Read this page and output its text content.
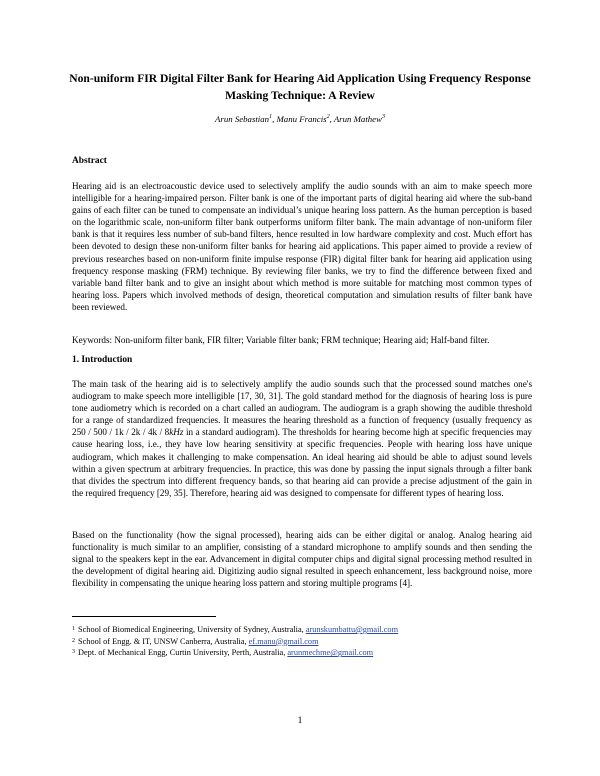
Non-uniform FIR Digital Filter Bank for Hearing Aid Application Using Frequency Response Masking Technique: A Review
Arun Sebastian$^1$, Manu Francis$^2$, Arun Mathew$^3$
Abstract

Hearing aid is an electroacoustic device used to selectively amplify the audio sounds with an aim to make speech more intelligible for a hearing-impaired person. Filter bank is one of the important parts of digital hearing aid where the sub-band gains of each filter can be tuned to compensate an individual’s unique hearing loss pattern. As the human perception is based on the logarithmic scale, non-uniform filter bank outperforms uniform filter bank. The main advantage of non-uniform filer bank is that it requires less number of sub-band filters, hence resulted in low hardware complexity and cost. Much effort has been devoted to design these non-uniform filter banks for hearing aid applications. This paper aimed to provide a review of previous researches based on non-uniform finite impulse response (FIR) digital filter bank for hearing aid application using frequency response masking (FRM) technique. By reviewing filer banks, we try to find the difference between fixed and variable band filter bank and to give an insight about which method is more suitable for matching most common types of hearing loss. Papers which involved methods of design, theoretical computation and simulation results of filter bank have been reviewed.

Keywords: Non-uniform filter bank, FIR filter; Variable filter bank; FRM technique; Hearing aid; Half-band filter.

1. Introduction

The main task of the hearing aid is to selectively amplify the audio sounds such that the processed sound matches one's audiogram to make speech more intelligible [17, 30, 31]. The gold standard method for the diagnosis of hearing loss is pure tone audiometry which is recorded on a chart called an audiogram. The audiogram is a graph showing the audible threshold for a range of standardized frequencies. It measures the hearing threshold as a function of frequency (usually frequency as 250 / 500 / 1k / 2k / 4k / 8kHz in a standard audiogram). The thresholds for hearing become high at specific frequencies may cause hearing loss, i.e., they have low hearing sensitivity at specific frequencies. People with hearing loss have unique audiogram, which makes it challenging to make compensation. An ideal hearing aid should be able to adjust sound levels within a given spectrum at arbitrary frequencies. In practice, this was done by passing the input signals through a filter bank that divides the spectrum into different frequency bands, so that hearing aid can provide a precise adjustment of the gain in the required frequency [29, 35]. Therefore, hearing aid was designed to compensate for different types of hearing loss.

Based on the functionality (how the signal processed), hearing aids can be either digital or analog. Analog hearing aid functionality is much similar to an amplifier, consisting of a standard microphone to amplify sounds and then sending the signal to the speakers kept in the ear. Advancement in digital computer chips and digital signal processing method resulted in the development of digital hearing aid. Digitizing audio signal resulted in speech enhancement, less background noise, more flexibility in compensating the unique hearing loss pattern and storing multiple programs [4].

$^1$ School of Biomedical Engineering, University of Sydney, Australia, arunskumbattu@gmail.com
$^2$ School of Engg. & IT, UNSW Canberra, Australia, ef.manu@gmail.com
$^3$ Dept. of Mechanical Engg, Curtin University, Perth, Australia, arunmechme@gmail.com
1
